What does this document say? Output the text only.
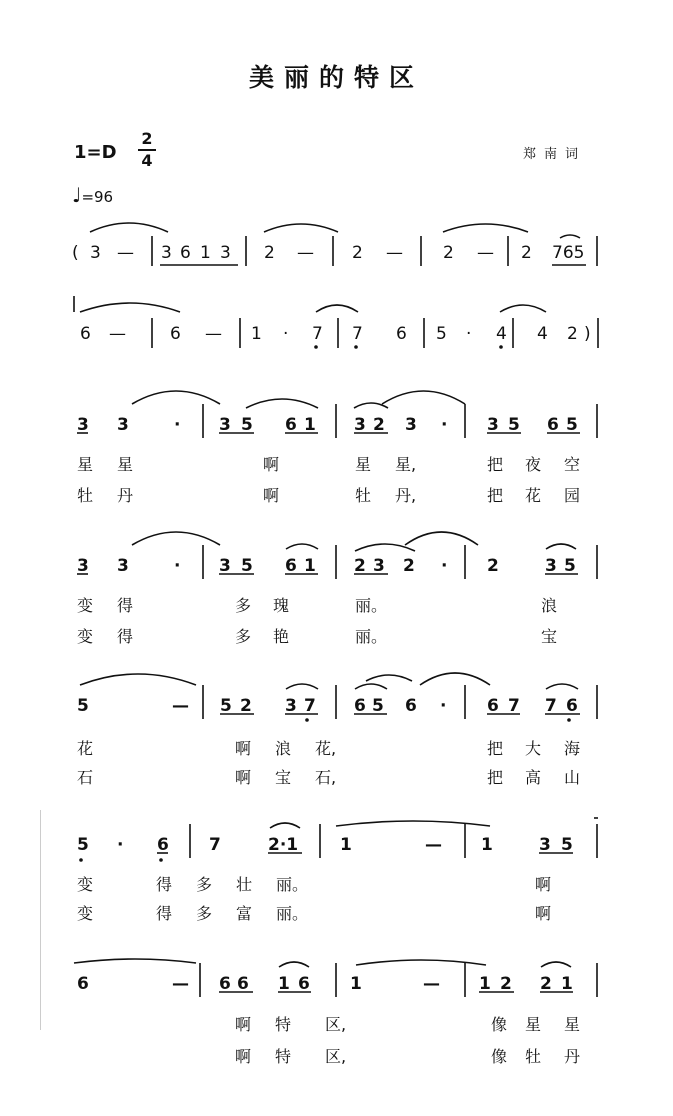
美丽的特区
1=D
2
4	郑南词
♩=96
( 3 — 3 6 1 3 2 — 2 — 2 — 2 765
6 —	6 — 1 · 7 7 6 5 · 4 4 2 )
3 3	· 3 5 6 1 3 2 3 · 3 5 6 5
星 星	啊	星 星,	把 夜 空
牡 丹	啊	牡 丹,	把 花 园
3 3	· 3 5 6 1 2 3 2 · 2	3 5
变 得	多 瑰	丽。	浪
变 得	多 艳	丽。	宝
5	— 5 2 3 7 6 5 6 · 6 7 7 6
花	啊 浪 花,	把 大 海
石	啊 宝 石,	把 高 山
5 · 6 7	2·1 1	— 1	3 5
变	得 多 壮 丽。	啊
变	得 多 富 丽。	啊
6	— 6 6 1 6 1	— 1 2 2 1
啊 特 区,	像 星 星
啊 特 区,	像 牡 丹
